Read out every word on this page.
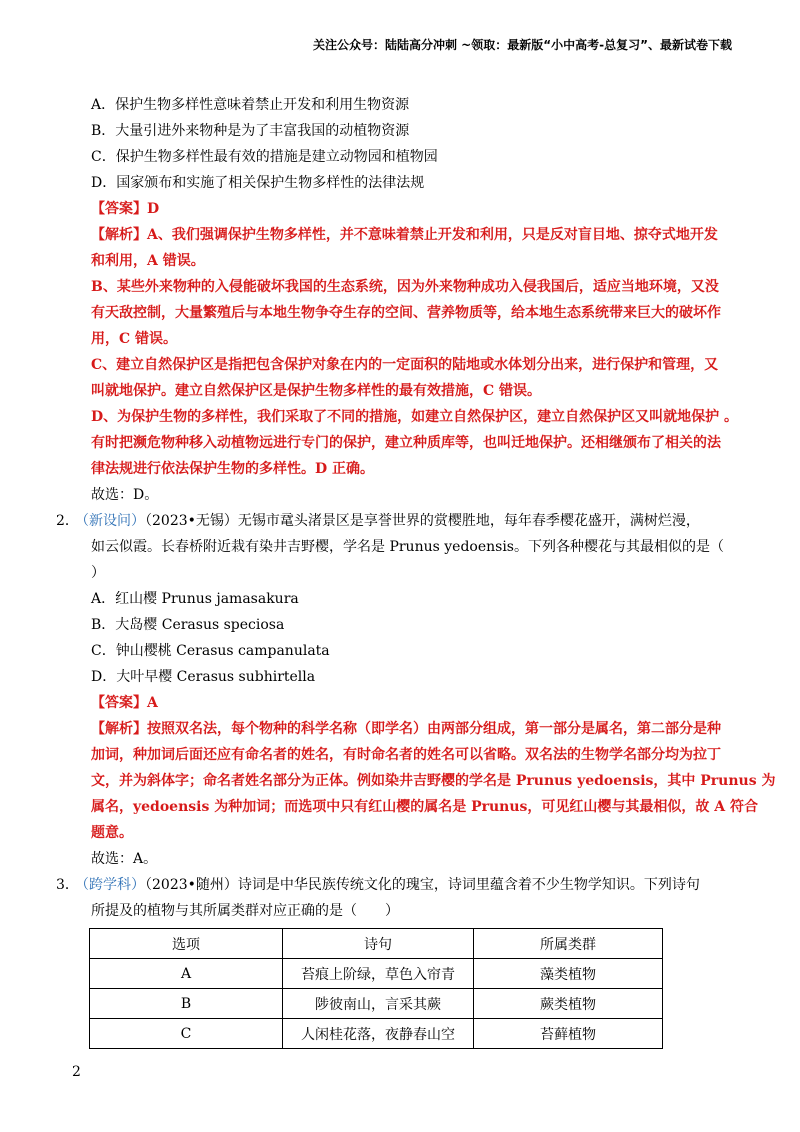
关注公众号：陆陆高分冲刺 ~领取：最新版“小中高考-总复习”、最新试卷下载
A．保护生物多样性意味着禁止开发和利用生物资源
B．大量引进外来物种是为了丰富我国的动植物资源
C．保护生物多样性最有效的措施是建立动物园和植物园
D．国家颁布和实施了相关保护生物多样性的法律法规
【答案】D
【解析】A、我们强调保护生物多样性，并不意味着禁止开发和利用，只是反对盲目地、掠夺式地开发
和利用，A 错误。
B、某些外来物种的入侵能破坏我国的生态系统，因为外来物种成功入侵我国后，适应当地环境，又没
有天敌控制，大量繁殖后与本地生物争夺生存的空间、营养物质等，给本地生态系统带来巨大的破坏作
用，C 错误。
C、建立自然保护区是指把包含保护对象在内的一定面积的陆地或水体划分出来，进行保护和管理，又
叫就地保护。建立自然保护区是保护生物多样性的最有效措施，C 错误。
D、为保护生物的多样性，我们采取了不同的措施，如建立自然保护区，建立自然保护区又叫就地保护 。
有时把濒危物种移入动植物远进行专门的保护，建立种质库等，也叫迁地保护。还相继颁布了相关的法
律法规进行依法保护生物的多样性。D 正确。
故选：D。
2．（新设问）（2023•无锡）无锡市鼋头渚景区是享誉世界的赏樱胜地，每年春季樱花盛开，满树烂漫，
如云似霞。长春桥附近栽有染井吉野樱，学名是 Prunus yedoensis。下列各种樱花与其最相似的是（
）
A．红山樱 Prunus jamasakura
B．大岛樱 Cerasus speciosa
C．钟山樱桃 Cerasus campanulata
D．大叶早樱 Cerasus subhirtella
【答案】A
【解析】按照双名法，每个物种的科学名称（即学名）由两部分组成，第一部分是属名，第二部分是种
加词，种加词后面还应有命名者的姓名，有时命名者的姓名可以省略。双名法的生物学名部分均为拉丁
文，并为斜体字；命名者姓名部分为正体。例如染井吉野樱的学名是 Prunus yedoensis，其中 Prunus 为
属名，yedoensis 为种加词；而选项中只有红山樱的属名是 Prunus，可见红山樱与其最相似，故 A 符合
题意。
故选：A。
3．（跨学科）（2023•随州）诗词是中华民族传统文化的瑰宝，诗词里蕴含着不少生物学知识。下列诗句
所提及的植物与其所属类群对应正确的是（　　）
选项	诗句	所属类群
A	苔痕上阶绿，草色入帘青	藻类植物
B	陟彼南山，言采其蕨	蕨类植物
C	人闲桂花落，夜静春山空	苔藓植物
2
